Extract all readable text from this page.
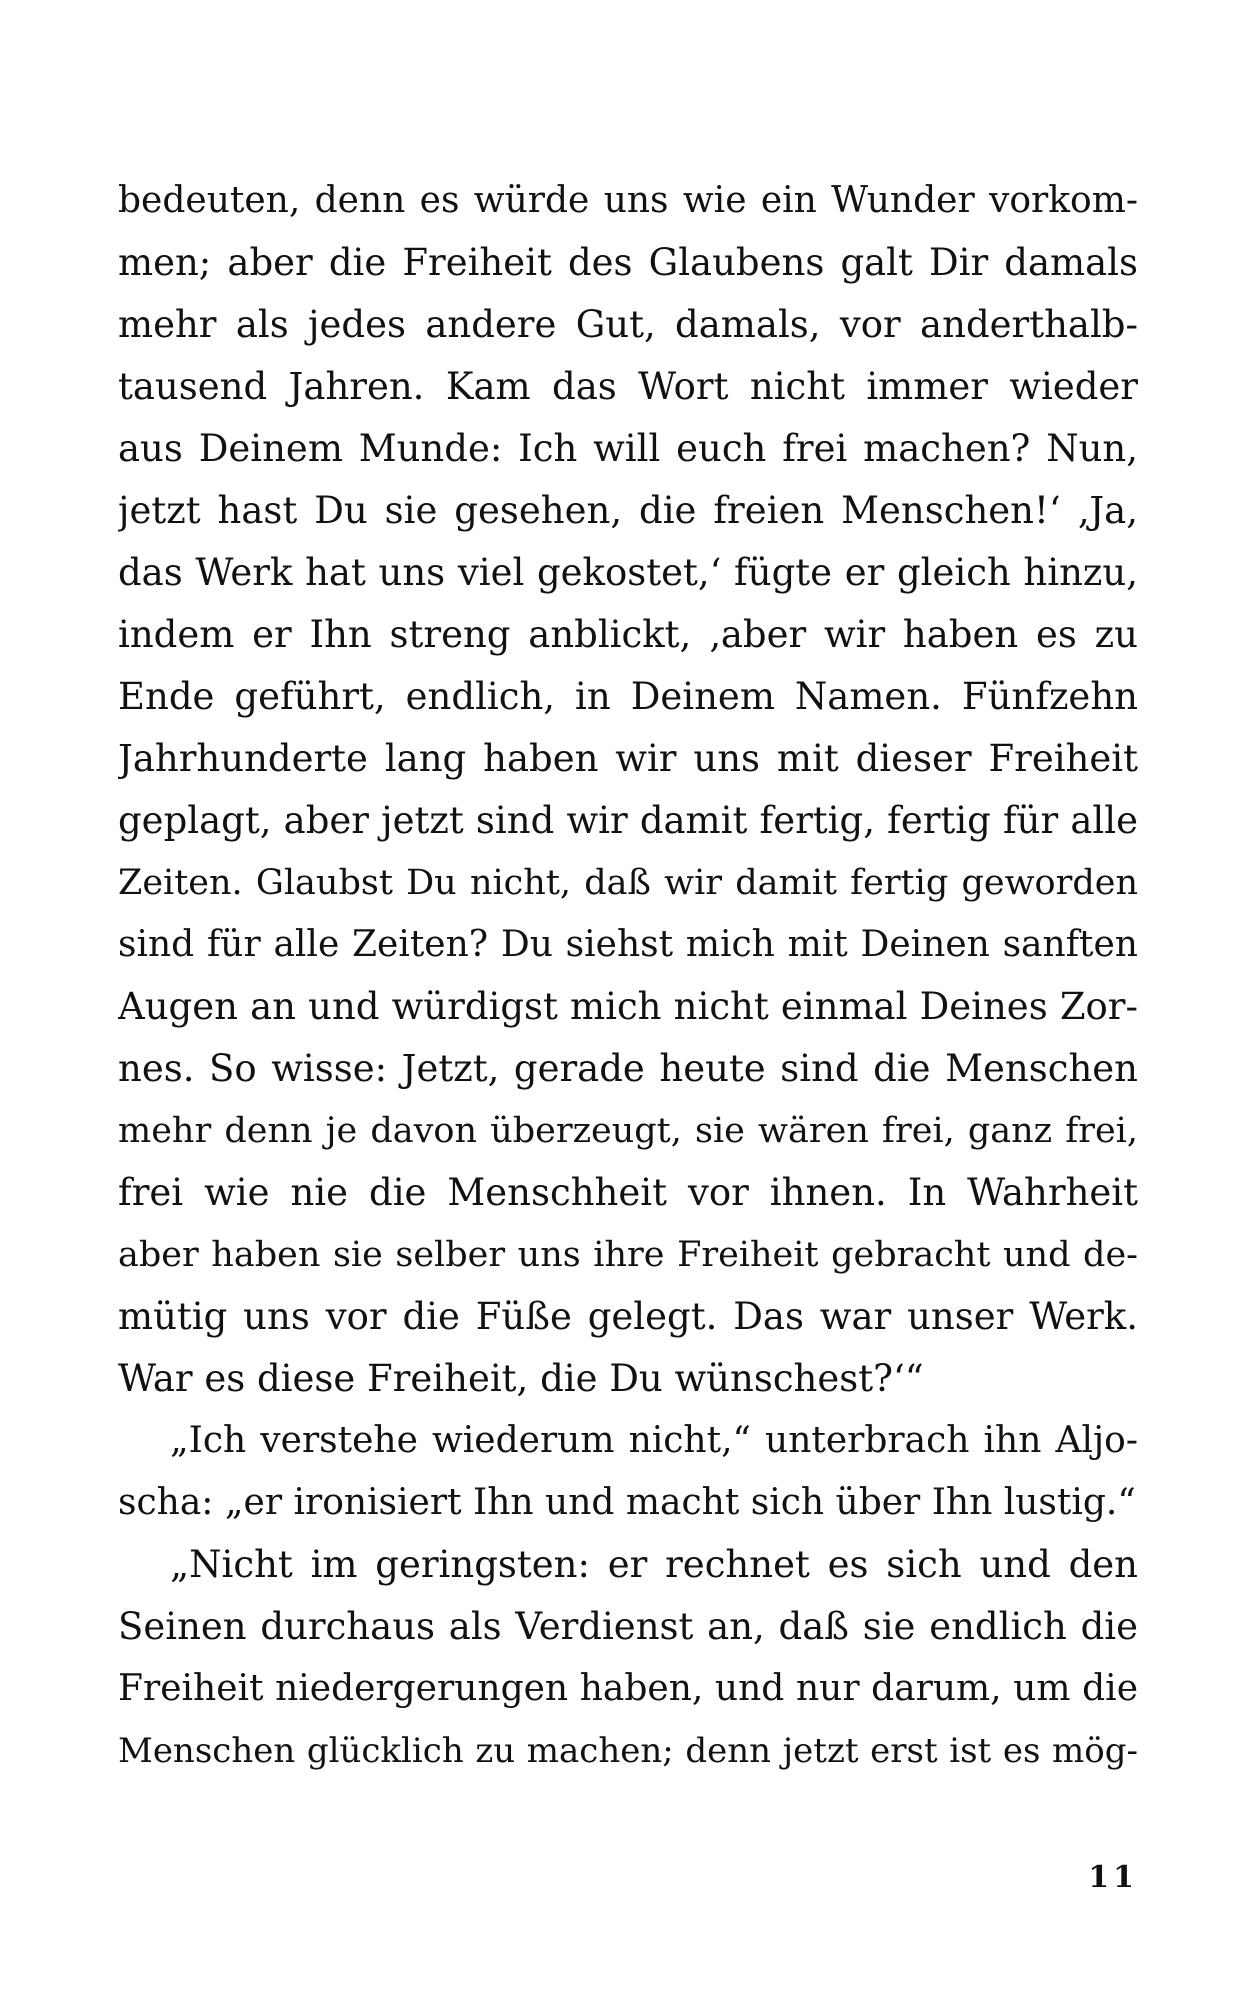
bedeuten, denn es würde uns wie ein Wunder vorkom-
men; aber die Freiheit des Glaubens galt Dir damals
mehr als jedes andere Gut, damals, vor anderthalb-
tausend Jahren. Kam das Wort nicht immer wieder
aus Deinem Munde: Ich will euch frei machen? Nun,
jetzt hast Du sie gesehen, die freien Menschen!‘ ‚Ja,
das Werk hat uns viel gekostet,‘ fügte er gleich hinzu,
indem er Ihn streng anblickt, ‚aber wir haben es zu
Ende geführt, endlich, in Deinem Namen. Fünfzehn
Jahrhunderte lang haben wir uns mit dieser Freiheit
geplagt, aber jetzt sind wir damit fertig, fertig für alle
Zeiten. Glaubst Du nicht, daß wir damit fertig geworden
sind für alle Zeiten? Du siehst mich mit Deinen sanften
Augen an und würdigst mich nicht einmal Deines Zor-
nes. So wisse: Jetzt, gerade heute sind die Menschen
mehr denn je davon überzeugt, sie wären frei, ganz frei,
frei wie nie die Menschheit vor ihnen. In Wahrheit
aber haben sie selber uns ihre Freiheit gebracht und de-
mütig uns vor die Füße gelegt. Das war unser Werk.
War es diese Freiheit, die Du wünschest?‘“
„Ich verstehe wiederum nicht,“ unterbrach ihn Aljo-
scha: „er ironisiert Ihn und macht sich über Ihn lustig.“
„Nicht im geringsten: er rechnet es sich und den
Seinen durchaus als Verdienst an, daß sie endlich die
Freiheit niedergerungen haben, und nur darum, um die
Menschen glücklich zu machen; denn jetzt erst ist es mög-
11
